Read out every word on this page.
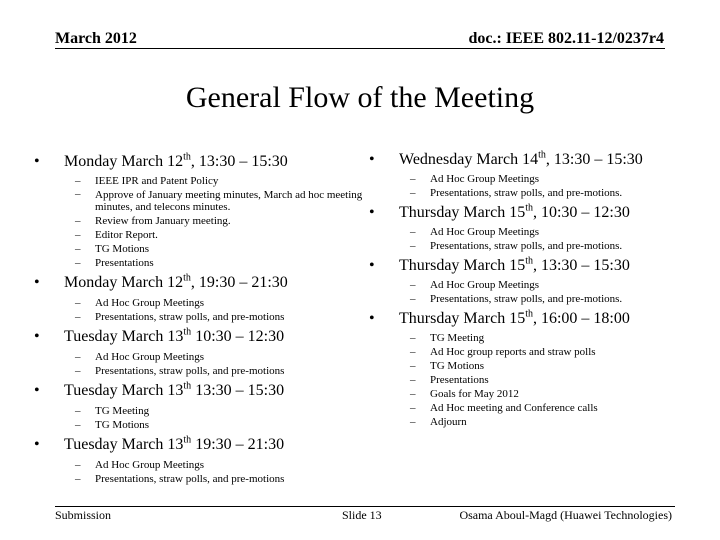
March 2012	doc.: IEEE 802.11-12/0237r4
General Flow of the Meeting
• Monday March 12th, 13:30 – 15:30
– IEEE IPR and Patent Policy
– Approve of January meeting minutes, March ad hoc meeting minutes, and telecons minutes.
– Review from January meeting.
– Editor Report.
– TG Motions
– Presentations
• Monday March 12th, 19:30 – 21:30
– Ad Hoc Group Meetings
– Presentations, straw polls, and pre-motions
• Tuesday March 13th 10:30 – 12:30
– Ad Hoc Group Meetings
– Presentations, straw polls, and pre-motions
• Tuesday March 13th 13:30 – 15:30
– TG Meeting
– TG Motions
• Tuesday March 13th 19:30 – 21:30
– Ad Hoc Group Meetings
– Presentations, straw polls, and pre-motions
• Wednesday March 14th, 13:30 – 15:30
– Ad Hoc Group Meetings
– Presentations, straw polls, and pre-motions.
• Thursday March 15th, 10:30 – 12:30
– Ad Hoc Group Meetings
– Presentations, straw polls, and pre-motions.
• Thursday March 15th, 13:30 – 15:30
– Ad Hoc Group Meetings
– Presentations, straw polls, and pre-motions.
• Thursday March 15th, 16:00 – 18:00
– TG Meeting
– Ad Hoc group reports and straw polls
– TG Motions
– Presentations
– Goals for May 2012
– Ad Hoc meeting and Conference calls
– Adjourn
Submission	Slide 13	Osama Aboul-Magd (Huawei Technologies)
